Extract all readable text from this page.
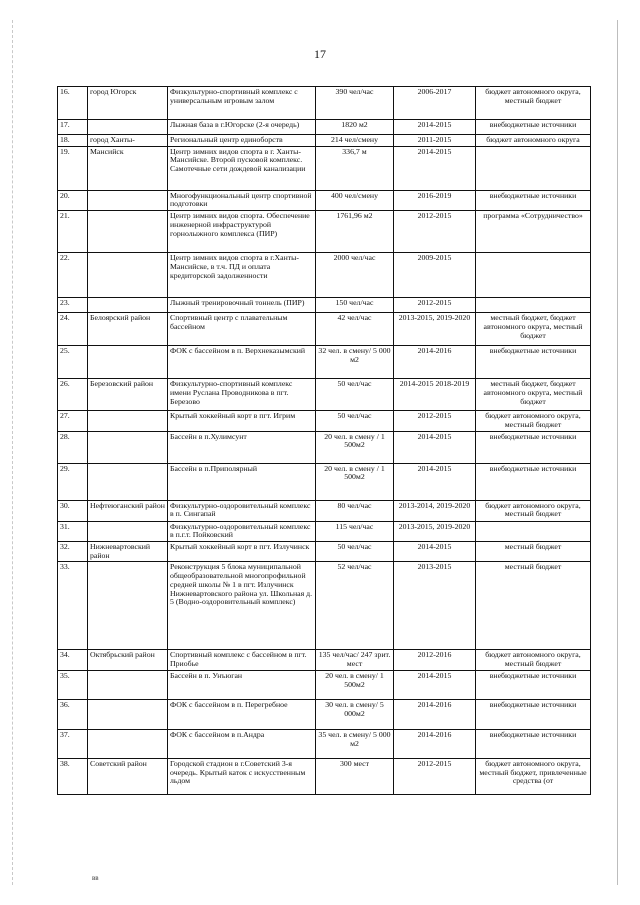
17
16.	город Югорск	Физкультурно-спортивный комплекс с универсальным игровым залом	390 чел/час	2006-2017	бюджет автономного округа, местный бюджет
17.		Лыжная база в г.Югорске (2-я очередь)	1820 м2	2014-2015	внебюджетные источники
18.	город Ханты-	Региональный центр единоборств	214 чел/смену	2011-2015	бюджет автономного округа
19.	Мансийск	Центр зимних видов спорта в г. Ханты-Мансийске. Второй пусковой комплекс. Самотечные сети дождевой канализации	336,7 м	2014-2015	
20.		Многофункциональный центр спортивной подготовки	400 чел/смену	2016-2019	внебюджетные источники
21.		Центр зимних видов спорта. Обеспечение инженерной инфраструктурой горнолыжного комплекса (ПИР)	1761,96 м2	2012-2015	программа «Сотрудничество»
22.		Центр зимних видов спорта в г.Ханты-Мансийске, в т.ч. ПД и оплата кредиторской задолженности	2000 чел/час	2009-2015	
23.		Лыжный тренировочный тоннель (ПИР)	150 чел/час	2012-2015	
24.	Белоярский район	Спортивный центр с плавательным бассейном	42 чел/час	2013-2015, 2019-2020	местный бюджет, бюджет автономного округа, местный бюджет
25.		ФОК с бассейном в п. Верхнеказымский	32 чел. в смену/ 5 000 м2	2014-2016	внебюджетные источники
26.	Березовский район	Физкультурно-спортивный комплекс имени Руслана Проводникова в пгт. Березово	50 чел/час	2014-2015 2018-2019	местный бюджет, бюджет автономного округа, местный бюджет
27.		Крытый хоккейный корт в пгт. Игрим	50 чел/час	2012-2015	бюджет автономного округа, местный бюджет
28.		Бассейн в п.Хулимсунт	20 чел. в смену / 1 500м2	2014-2015	внебюджетные источники
29.		Бассейн в п.Приполярный	20 чел. в смену / 1 500м2	2014-2015	внебюджетные источники
30.	Нефтеюганский район	Физкультурно-оздоровительный комплекс в п. Сингапай	80 чел/час	2013-2014, 2019-2020	бюджет автономного округа, местный бюджет
31.		Физкультурно-оздоровительный комплекс в п.г.т. Пойковский	115 чел/час	2013-2015, 2019-2020	
32.	Нижневартовский район	Крытый хоккейный корт в пгт. Излучинск	50 чел/час	2014-2015	местный бюджет
33.		Реконструкция 5 блока муниципальной общеобразовательной многопрофильной средней школы № 1 в пгт. Излучинск Нижневартовского района ул. Школьная д. 5 (Водно-оздоровительный комплекс)	52 чел/час	2013-2015	местный бюджет
34.	Октябрьский район	Спортивный комплекс с бассейном в пгт. Приобье	135 чел/час/ 247 зрит. мест	2012-2016	бюджет автономного округа, местный бюджет
35.		Бассейн в п. Унъюган	20 чел. в смену/ 1 500м2	2014-2015	внебюджетные источники
36.		ФОК с бассейном в п. Перегребное	30 чел. в смену/ 5 000м2	2014-2016	внебюджетные источники
37.		ФОК с бассейном в п.Андра	35 чел. в смену/ 5 000 м2	2014-2016	внебюджетные источники
38.	Советский район	Городской стадион в г.Советский 3-я очередь. Крытый каток с искусственным льдом	300 мест	2012-2015	бюджет автономного округа, местный бюджет, привлеченные средства (от
вв
